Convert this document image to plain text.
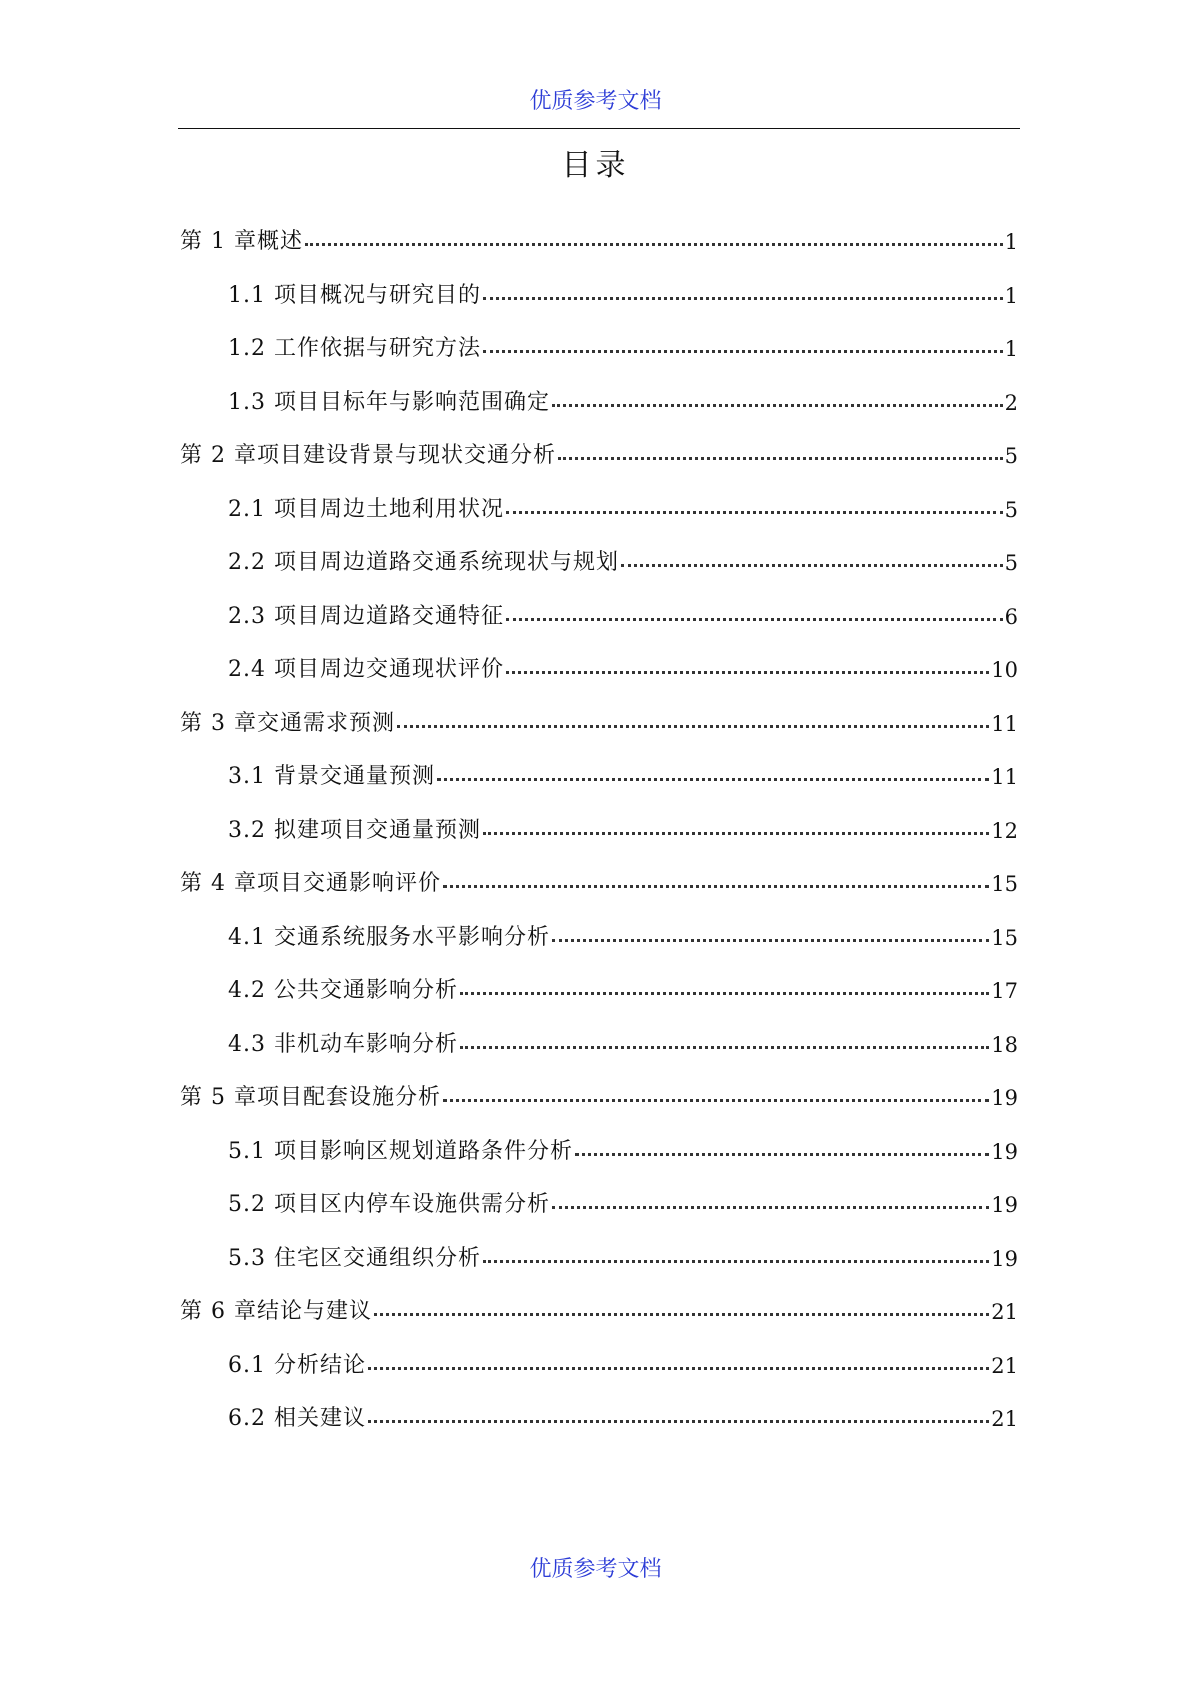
优质参考文档
目录
第 1 章概述	1
1.1 项目概况与研究目的	1
1.2 工作依据与研究方法	1
1.3 项目目标年与影响范围确定	2
第 2 章项目建设背景与现状交通分析	5
2.1 项目周边土地利用状况	5
2.2 项目周边道路交通系统现状与规划	5
2.3 项目周边道路交通特征	6
2.4 项目周边交通现状评价	10
第 3 章交通需求预测	11
3.1 背景交通量预测	11
3.2 拟建项目交通量预测	12
第 4 章项目交通影响评价	15
4.1 交通系统服务水平影响分析	15
4.2 公共交通影响分析	17
4.3 非机动车影响分析	18
第 5 章项目配套设施分析	19
5.1 项目影响区规划道路条件分析	19
5.2 项目区内停车设施供需分析	19
5.3 住宅区交通组织分析	19
第 6 章结论与建议	21
6.1 分析结论	21
6.2 相关建议	21
优质参考文档
